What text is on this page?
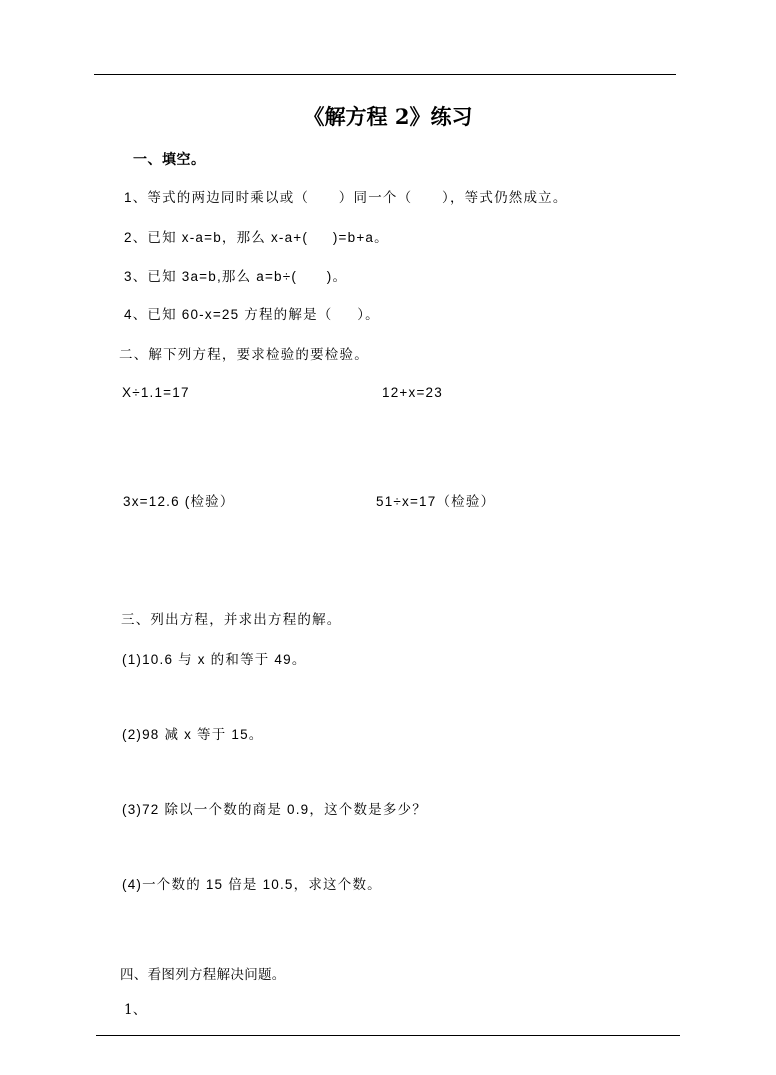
《解方程 2》练习
一、填空。
1、等式的两边同时乘以或（      ）同一个（      ），等式仍然成立。
2、已知 x-a=b，那么 x-a+(     )=b+a。
3、已知 3a=b,那么 a=b÷(      )。
4、已知 60-x=25 方程的解是（     ）。
二、解下列方程，要求检验的要检验。
X÷1.1=17	12+x=23
3x=12.6 (检验）	51÷x=17（检验）
三、列出方程，并求出方程的解。
(1)10.6 与 x 的和等于 49。
(2)98 减 x 等于 15。
(3)72 除以一个数的商是 0.9，这个数是多少？
(4)一个数的 15 倍是 10.5，求这个数。
四、看图列方程解决问题。
1、
